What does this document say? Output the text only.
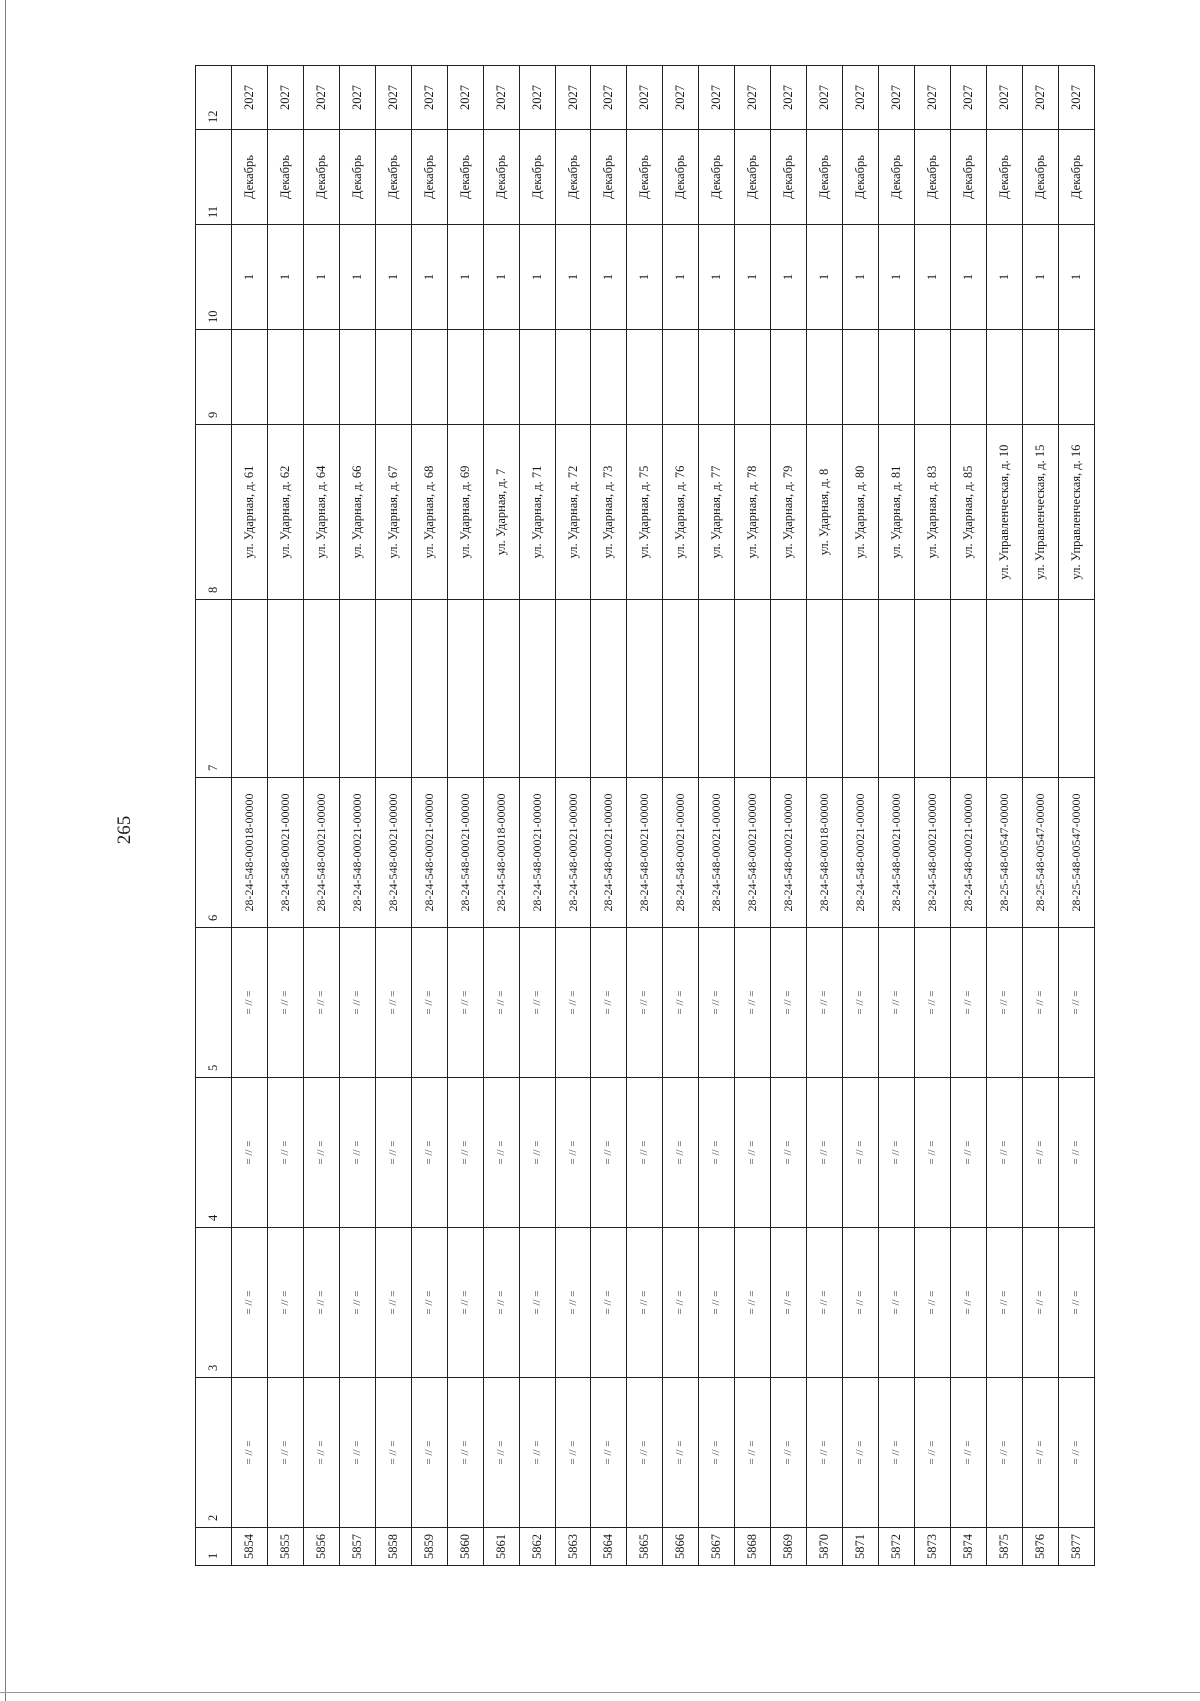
265
1	2	3	4	5	6	7	8	9	10	11	12
5854	= // =	= // =	= // =	= // =	28-24-548-00018-00000		ул. Ударная, д. 61		1	Декабрь	2027
5855	= // =	= // =	= // =	= // =	28-24-548-00021-00000		ул. Ударная, д. 62		1	Декабрь	2027
5856	= // =	= // =	= // =	= // =	28-24-548-00021-00000		ул. Ударная, д. 64		1	Декабрь	2027
5857	= // =	= // =	= // =	= // =	28-24-548-00021-00000		ул. Ударная, д. 66		1	Декабрь	2027
5858	= // =	= // =	= // =	= // =	28-24-548-00021-00000		ул. Ударная, д. 67		1	Декабрь	2027
5859	= // =	= // =	= // =	= // =	28-24-548-00021-00000		ул. Ударная, д. 68		1	Декабрь	2027
5860	= // =	= // =	= // =	= // =	28-24-548-00021-00000		ул. Ударная, д. 69		1	Декабрь	2027
5861	= // =	= // =	= // =	= // =	28-24-548-00018-00000		ул. Ударная, д. 7		1	Декабрь	2027
5862	= // =	= // =	= // =	= // =	28-24-548-00021-00000		ул. Ударная, д. 71		1	Декабрь	2027
5863	= // =	= // =	= // =	= // =	28-24-548-00021-00000		ул. Ударная, д. 72		1	Декабрь	2027
5864	= // =	= // =	= // =	= // =	28-24-548-00021-00000		ул. Ударная, д. 73		1	Декабрь	2027
5865	= // =	= // =	= // =	= // =	28-24-548-00021-00000		ул. Ударная, д. 75		1	Декабрь	2027
5866	= // =	= // =	= // =	= // =	28-24-548-00021-00000		ул. Ударная, д. 76		1	Декабрь	2027
5867	= // =	= // =	= // =	= // =	28-24-548-00021-00000		ул. Ударная, д. 77		1	Декабрь	2027
5868	= // =	= // =	= // =	= // =	28-24-548-00021-00000		ул. Ударная, д. 78		1	Декабрь	2027
5869	= // =	= // =	= // =	= // =	28-24-548-00021-00000		ул. Ударная, д. 79		1	Декабрь	2027
5870	= // =	= // =	= // =	= // =	28-24-548-00018-00000		ул. Ударная, д. 8		1	Декабрь	2027
5871	= // =	= // =	= // =	= // =	28-24-548-00021-00000		ул. Ударная, д. 80		1	Декабрь	2027
5872	= // =	= // =	= // =	= // =	28-24-548-00021-00000		ул. Ударная, д. 81		1	Декабрь	2027
5873	= // =	= // =	= // =	= // =	28-24-548-00021-00000		ул. Ударная, д. 83		1	Декабрь	2027
5874	= // =	= // =	= // =	= // =	28-24-548-00021-00000		ул. Ударная, д. 85		1	Декабрь	2027
5875	= // =	= // =	= // =	= // =	28-25-548-00547-00000		ул. Управленческая, д. 10		1	Декабрь	2027
5876	= // =	= // =	= // =	= // =	28-25-548-00547-00000		ул. Управленческая, д. 15		1	Декабрь	2027
5877	= // =	= // =	= // =	= // =	28-25-548-00547-00000		ул. Управленческая, д. 16		1	Декабрь	2027
